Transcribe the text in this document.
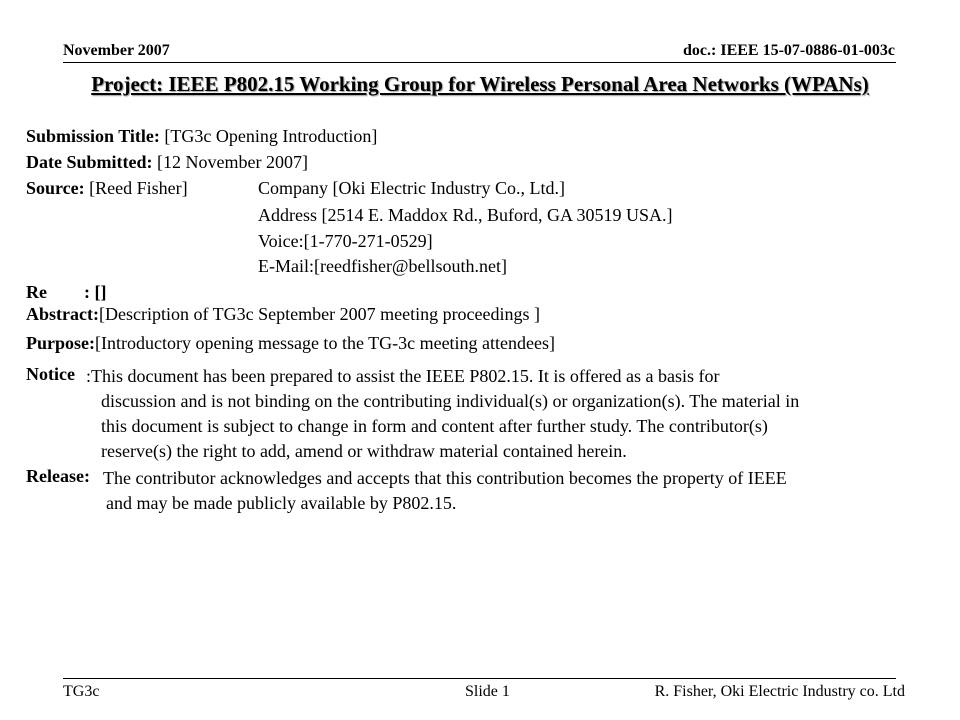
November 2007	doc.: IEEE 15-07-0886-01-003c
Project: IEEE P802.15 Working Group for Wireless Personal Area Networks (WPANs)
Submission Title: [TG3c Opening Introduction]
Date Submitted: [12 November 2007]
Source: [Reed Fisher]	Company [Oki Electric Industry Co., Ltd.]
Address [2514 E. Maddox Rd., Buford, GA 30519 USA.]
Voice:[1-770-271-0529]
E-Mail:[reedfisher@bellsouth.net]
Re : []
Abstract:[Description of TG3c September 2007 meeting proceedings ]
Purpose:[Introductory opening message to the TG-3c meeting attendees]
Notice :This document has been prepared to assist the IEEE P802.15. It is offered as a basis for
discussion and is not binding on the contributing individual(s) or organization(s). The material in
this document is subject to change in form and content after further study. The contributor(s)
reserve(s) the right to add, amend or withdraw material contained herein.
Release: The contributor acknowledges and accepts that this contribution becomes the property of IEEE
and may be made publicly available by P802.15.
TG3c	Slide 1	R. Fisher, Oki Electric Industry co. Ltd
